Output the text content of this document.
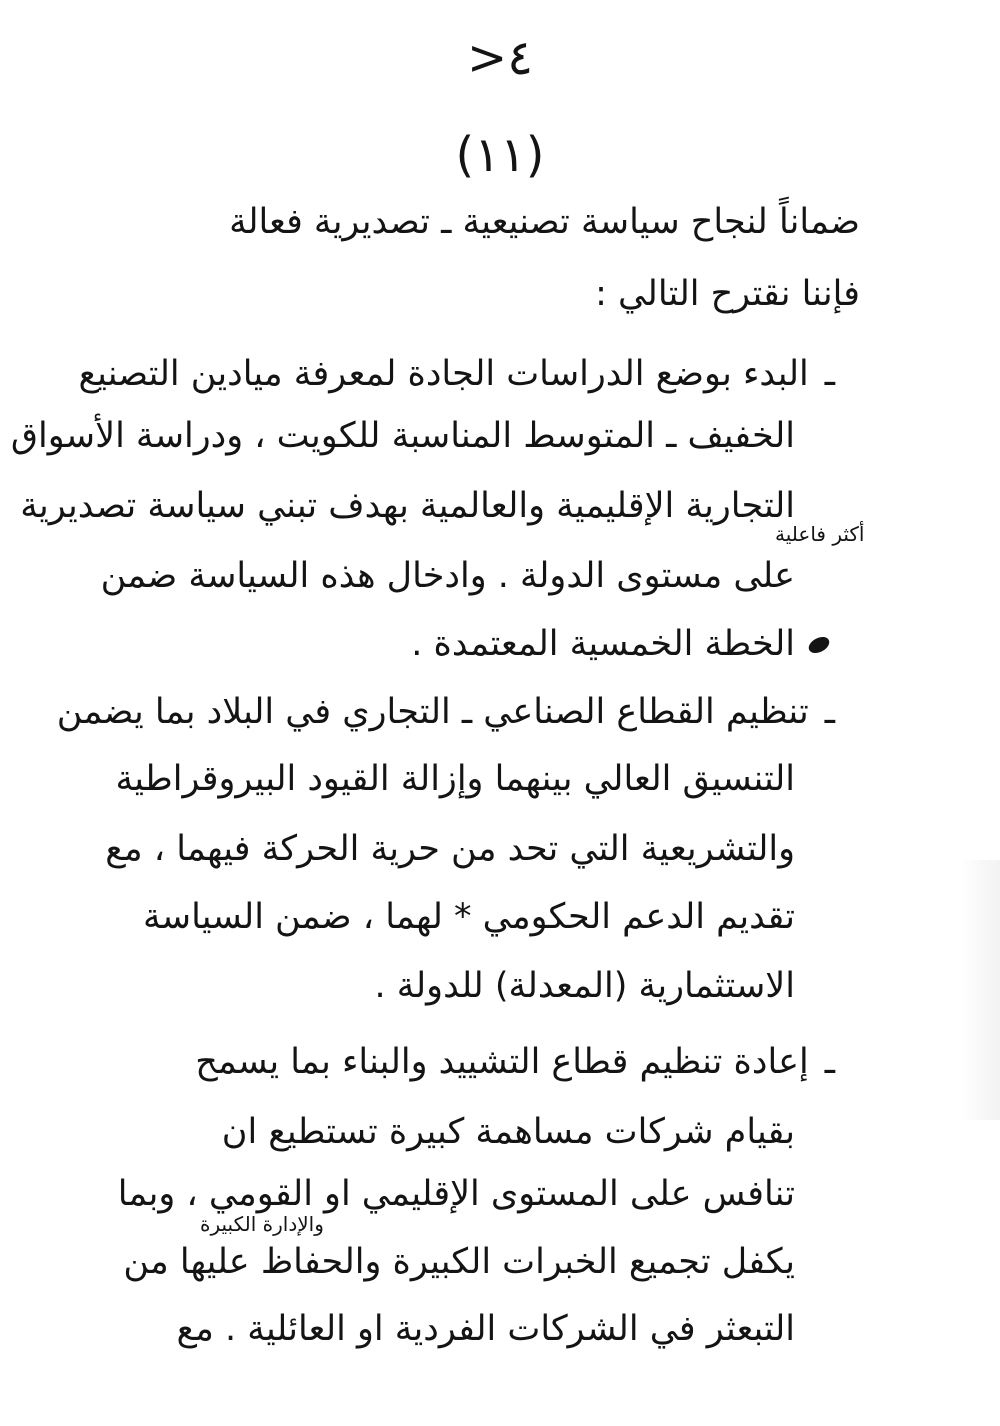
>٤
(١١)
ضماناً لنجاح سياسة تصنيعية ـ تصديرية فعالة
فإننا نقترح التالي :
ـالبدء بوضع الدراسات الجادة لمعرفة ميادين التصنيع
الخفيف ـ المتوسط المناسبة للكويت ، ودراسة الأسواق
التجارية الإقليمية والعالمية بهدف تبني سياسة تصديرية
أكثر فاعلية
على مستوى الدولة . وادخال هذه السياسة ضمن
الخطة الخمسية المعتمدة .
ـتنظيم القطاع الصناعي ـ التجاري في البلاد بما يضمن
التنسيق العالي بينهما وإزالة القيود البيروقراطية
والتشريعية التي تحد من حرية الحركة فيهما ، مع
تقديم الدعم الحكومي * لهما ، ضمن السياسة
الاستثمارية (المعدلة) للدولة .
ـإعادة تنظيم قطاع التشييد والبناء بما يسمح
بقيام شركات مساهمة كبيرة تستطيع ان
تنافس على المستوى الإقليمي او القومي ، وبما
والإدارة الكبيرة
يكفل تجميع الخبرات الكبيرة والحفاظ عليها من
التبعثر في الشركات الفردية او العائلية . مع
